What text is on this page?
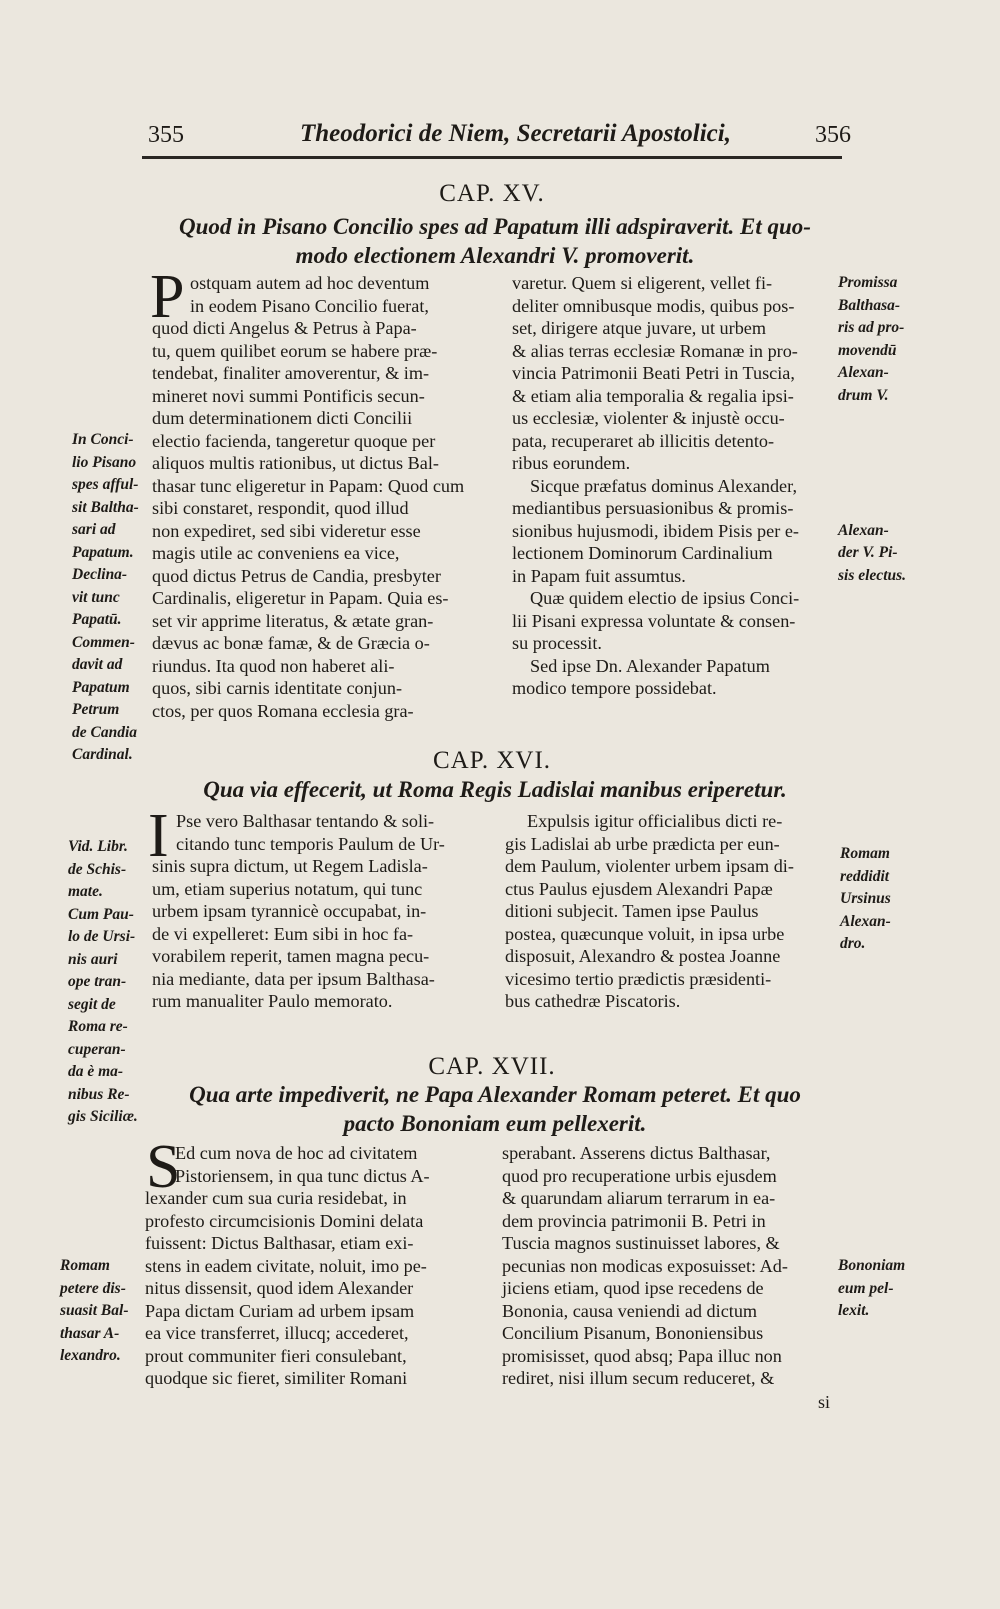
355	Theodorici de Niem, Secretarii Apostolici,	356
CAP. XV.
Quod in Pisano Concilio spes ad Papatum illi adspiraverit. Et quo-
modo electionem Alexandri V. promoverit.
P ostquam autem ad hoc deventum
in eodem Pisano Concilio fuerat,
quod dicti Angelus & Petrus à Papa-
tu, quem quilibet eorum se habere præ-
tendebat, finaliter amoverentur, & im-
mineret novi summi Pontificis secun-
dum determinationem dicti Concilii
electio facienda, tangeretur quoque per
aliquos multis rationibus, ut dictus Bal-
thasar tunc eligeretur in Papam: Quod cum
sibi constaret, respondit, quod illud
non expediret, sed sibi videretur esse
magis utile ac conveniens ea vice,
quod dictus Petrus de Candia, presbyter
Cardinalis, eligeretur in Papam. Quia es-
set vir apprime literatus, & ætate gran-
dævus ac bonæ famæ, & de Græcia o-
riundus. Ita quod non haberet ali-
quos, sibi carnis identitate conjun-
ctos, per quos Romana ecclesia gra-
varetur. Quem si eligerent, vellet fi-
deliter omnibusque modis, quibus pos-
set, dirigere atque juvare, ut urbem
& alias terras ecclesiæ Romanæ in pro-
vincia Patrimonii Beati Petri in Tuscia,
& etiam alia temporalia & regalia ipsi-
us ecclesiæ, violenter & injustè occu-
pata, recuperaret ab illicitis detento-
ribus eorundem.
Sicque præfatus dominus Alexander,
mediantibus persuasionibus & promis-
sionibus hujusmodi, ibidem Pisis per e-
lectionem Dominorum Cardinalium
in Papam fuit assumtus.
Quæ quidem electio de ipsius Conci-
lii Pisani expressa voluntate & consen-
su processit.
Sed ipse Dn. Alexander Papatum
modico tempore possidebat.
In Conci-
lio Pisano
spes afful-
sit Baltha-
sari ad
Papatum.
Declina-
vit tunc
Papatū.
Commen-
davit ad
Papatum
Petrum
de Candia
Cardinal.
Promissa
Balthasa-
ris ad pro-
movendū
Alexan-
drum V.
Alexan-
der V. Pi-
sis electus.
CAP. XVI.
Qua via effecerit, ut Roma Regis Ladislai manibus eriperetur.
I Pse vero Balthasar tentando & soli-
citando tunc temporis Paulum de Ur-
sinis supra dictum, ut Regem Ladisla-
um, etiam superius notatum, qui tunc
urbem ipsam tyrannicè occupabat, in-
de vi expelleret: Eum sibi in hoc fa-
vorabilem reperit, tamen magna pecu-
nia mediante, data per ipsum Balthasa-
rum manualiter Paulo memorato.
Expulsis igitur officialibus dicti re-
gis Ladislai ab urbe prædicta per eun-
dem Paulum, violenter urbem ipsam di-
ctus Paulus ejusdem Alexandri Papæ
ditioni subjecit. Tamen ipse Paulus
postea, quæcunque voluit, in ipsa urbe
disposuit, Alexandro & postea Joanne
vicesimo tertio prædictis præsidenti-
bus cathedræ Piscatoris.
Vid. Libr.
de Schis-
mate.
Cum Pau-
lo de Ursi-
nis auri
ope tran-
segit de
Roma re-
cuperan-
da è ma-
nibus Re-
gis Siciliæ.
Romam
reddidit
Ursinus
Alexan-
dro.
CAP. XVII.
Qua arte impediverit, ne Papa Alexander Romam peteret. Et quo
pacto Bononiam eum pellexerit.
S
Ed cum nova de hoc ad civitatem
Pistoriensem, in qua tunc dictus A-
lexander cum sua curia residebat, in
profesto circumcisionis Domini delata
fuissent: Dictus Balthasar, etiam exi-
stens in eadem civitate, noluit, imo pe-
nitus dissensit, quod idem Alexander
Papa dictam Curiam ad urbem ipsam
ea vice transferret, illucq; accederet,
prout communiter fieri consulebant,
quodque sic fieret, similiter Romani
sperabant. Asserens dictus Balthasar,
quod pro recuperatione urbis ejusdem
& quarundam aliarum terrarum in ea-
dem provincia patrimonii B. Petri in
Tuscia magnos sustinuisset labores, &
pecunias non modicas exposuisset: Ad-
jiciens etiam, quod ipse recedens de
Bononia, causa veniendi ad dictum
Concilium Pisanum, Bononiensibus
promisisset, quod absq; Papa illuc non
rediret, nisi illum secum reduceret, &
Romam
petere dis-
suasit Bal-
thasar A-
lexandro.
Bononiam
eum pel-
lexit.
si
